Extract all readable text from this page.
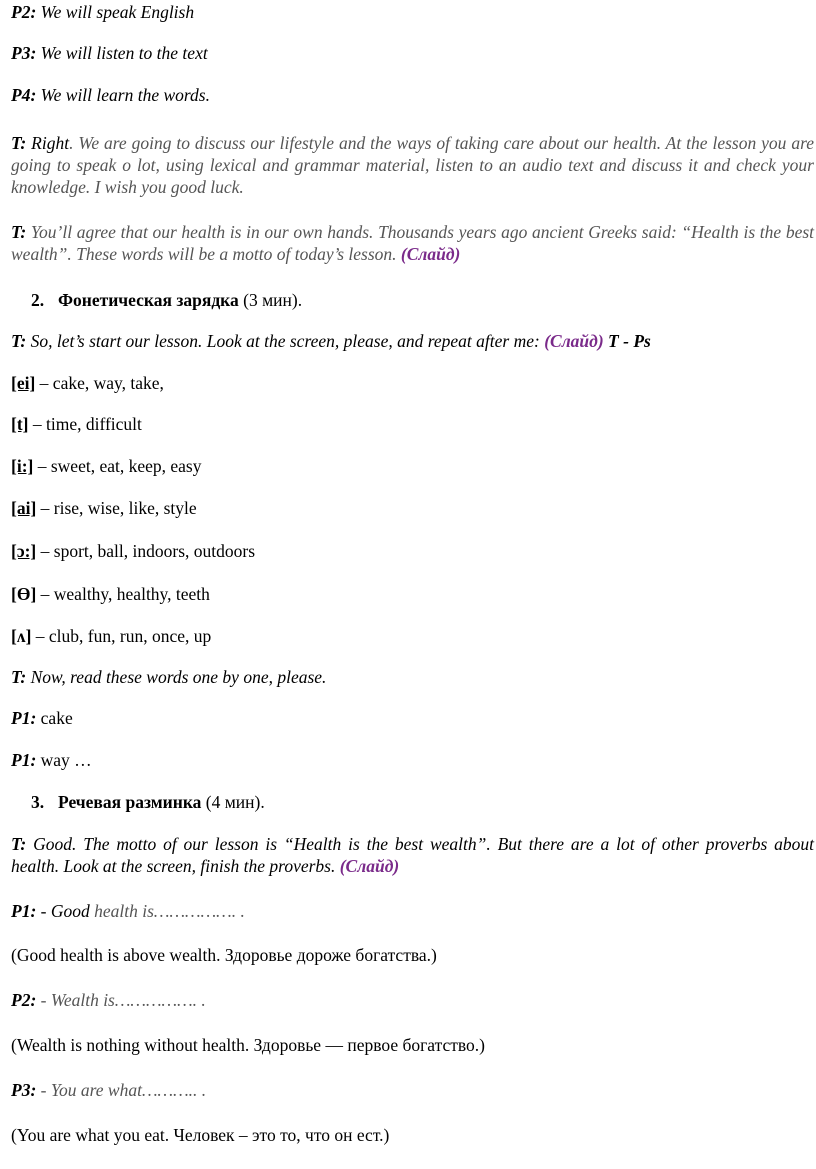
P2: We will speak English
P3: We will listen to the text
P4: We will learn the words.
T: Right. We are going to discuss our lifestyle and the ways of taking care about our health. At the lesson you are going to speak o lot, using lexical and grammar material, listen to an audio text and discuss it and check your knowledge. I wish you good luck.
T: You’ll agree that our health is in our own hands. Thousands years ago ancient Greeks said: “Health is the best wealth”. These words will be a motto of today’s lesson. (Слайд)
2. Фонетическая зарядка (3 мин).
T: So, let’s start our lesson. Look at the screen, please, and repeat after me: (Слайд) T - Ps
[ei] – cake, way, take,
[t] – time, difficult
[i:] – sweet, eat, keep, easy
[ai] – rise, wise, like, style
[ɔ:] – sport, ball, indoors, outdoors
[Ɵ] – wealthy, healthy, teeth
[ʌ] – club, fun, run, once, up
T: Now, read these words one by one, please.
P1: cake
P1: way …
3. Речевая разминка (4 мин).
T: Good. The motto of our lesson is “Health is the best wealth”. But there are a lot of other proverbs about health. Look at the screen, finish the proverbs. (Слайд)
P1: - Good health is……………. .
(Good health is above wealth. Здоровье дороже богатства.)
P2: - Wealth is……………. .
(Wealth is nothing without health. Здоровье — первое богатство.)
P3: - You are what……….. .
(You are what you eat. Человек – это то, что он ест.)
